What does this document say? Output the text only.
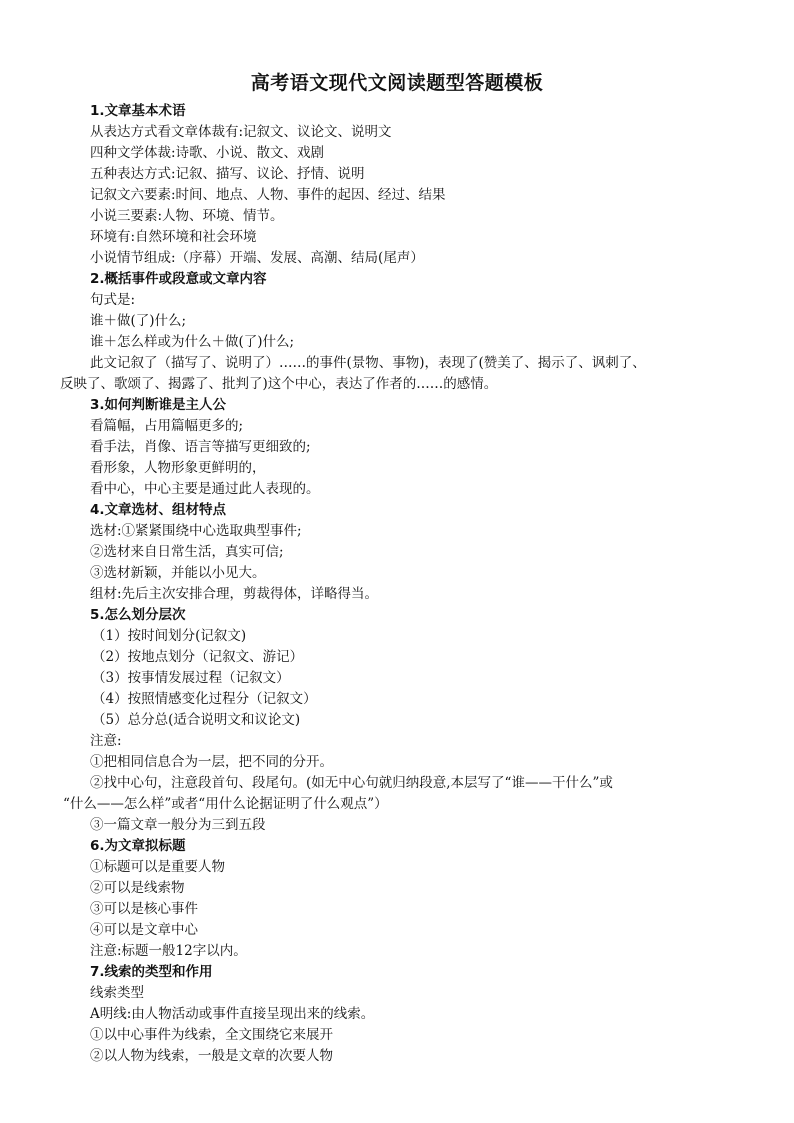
高考语文现代文阅读题型答题模板
1.文章基本术语
从表达方式看文章体裁有:记叙文、议论文、说明文
四种文学体裁:诗歌、小说、散文、戏剧
五种表达方式:记叙、描写、议论、抒情、说明
记叙文六要素:时间、地点、人物、事件的起因、经过、结果
小说三要素:人物、环境、情节。
环境有:自然环境和社会环境
小说情节组成:（序幕）开端、发展、高潮、结局(尾声）
2.概括事件或段意或文章内容
句式是:
谁＋做(了)什么;
谁＋怎么样或为什么＋做(了)什么;
此文记叙了（描写了、说明了）……的事件(景物、事物)，表现了(赞美了、揭示了、讽刺了、
反映了、歌颂了、揭露了、批判了)这个中心，表达了作者的……的感情。
3.如何判断谁是主人公
看篇幅，占用篇幅更多的;
看手法，肖像、语言等描写更细致的;
看形象，人物形象更鲜明的，
看中心，中心主要是通过此人表现的。
4.文章选材、组材特点
选材:①紧紧围绕中心选取典型事件;
②选材来自日常生活，真实可信;
③选材新颖，并能以小见大。
组材:先后主次安排合理，剪裁得体，详略得当。
5.怎么划分层次
（1）按时间划分(记叙文)
（2）按地点划分（记叙文、游记）
（3）按事情发展过程（记叙文）
（4）按照情感变化过程分（记叙文）
（5）总分总(适合说明文和议论文)
注意:
①把相同信息合为一层，把不同的分开。
②找中心句，注意段首句、段尾句。(如无中心句就归纳段意,本层写了“谁——干什么”或
“什么——怎么样”或者“用什么论据证明了什么观点”）
③一篇文章一般分为三到五段
6.为文章拟标题
①标题可以是重要人物
②可以是线索物
③可以是核心事件
④可以是文章中心
注意:标题一般12字以内。
7.线索的类型和作用
线索类型
A明线:由人物活动或事件直接呈现出来的线索。
①以中心事件为线索，全文围绕它来展开
②以人物为线索，一般是文章的次要人物
